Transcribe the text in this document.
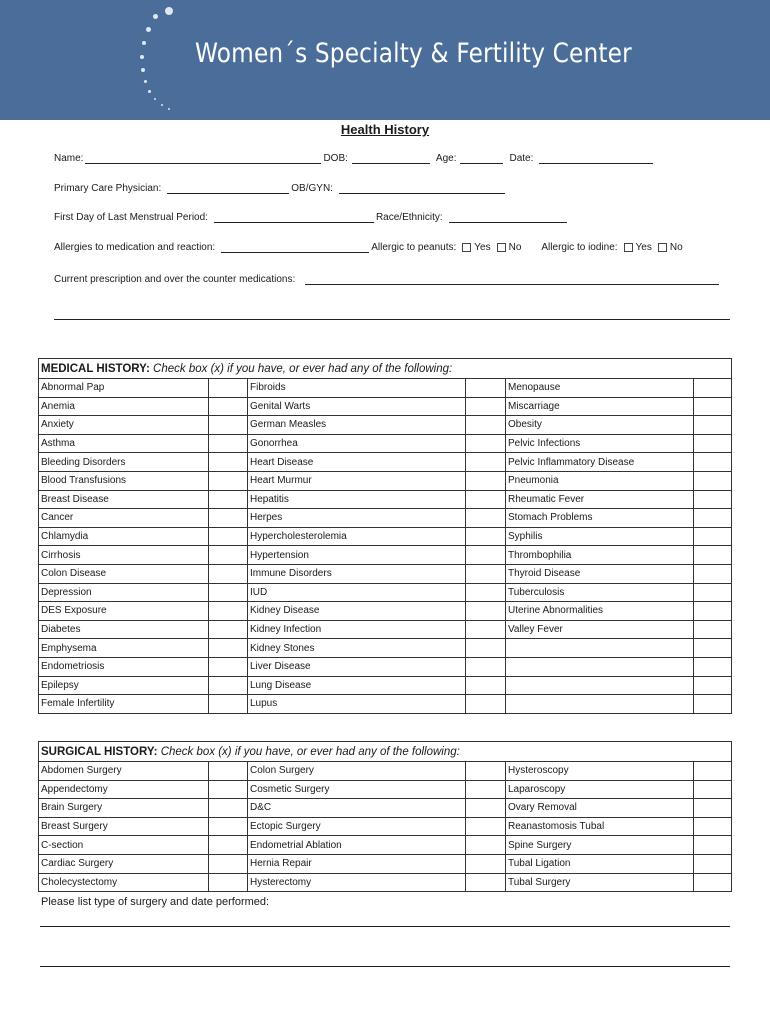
Women´s Specialty & Fertility Center
Health History
Name:	DOB:	Age:	Date:
Primary Care Physician:	OB/GYN:
First Day of Last Menstrual Period:	Race/Ethnicity:
Allergies to medication and reaction:	Allergic to peanuts: Yes No Allergic to iodine: Yes No
Current prescription and over the counter medications:
MEDICAL HISTORY: Check box (x) if you have, or ever had any of the following:					
Abnormal Pap		Fibroids		Menopause	
Anemia		Genital Warts		Miscarriage	
Anxiety		German Measles		Obesity	
Asthma		Gonorrhea		Pelvic Infections	
Bleeding Disorders		Heart Disease		Pelvic Inflammatory Disease	
Blood Transfusions		Heart Murmur		Pneumonia	
Breast Disease		Hepatitis		Rheumatic Fever	
Cancer		Herpes		Stomach Problems	
Chlamydia		Hypercholesterolemia		Syphilis	
Cirrhosis		Hypertension		Thrombophilia	
Colon Disease		Immune Disorders		Thyroid Disease	
Depression		IUD		Tuberculosis	
DES Exposure		Kidney Disease		Uterine Abnormalities	
Diabetes		Kidney Infection		Valley Fever	
Emphysema		Kidney Stones			
Endometriosis		Liver Disease			
Epilepsy		Lung Disease			
Female Infertility		Lupus			
SURGICAL HISTORY: Check box (x) if you have, or ever had any of the following:					
Abdomen Surgery		Colon Surgery		Hysteroscopy	
Appendectomy		Cosmetic Surgery		Laparoscopy	
Brain Surgery		D&C		Ovary Removal	
Breast Surgery		Ectopic Surgery		Reanastomosis Tubal	
C-section		Endometrial Ablation		Spine Surgery	
Cardiac Surgery		Hernia Repair		Tubal Ligation	
Cholecystectomy		Hysterectomy		Tubal Surgery	
Please list type of surgery and date performed:
